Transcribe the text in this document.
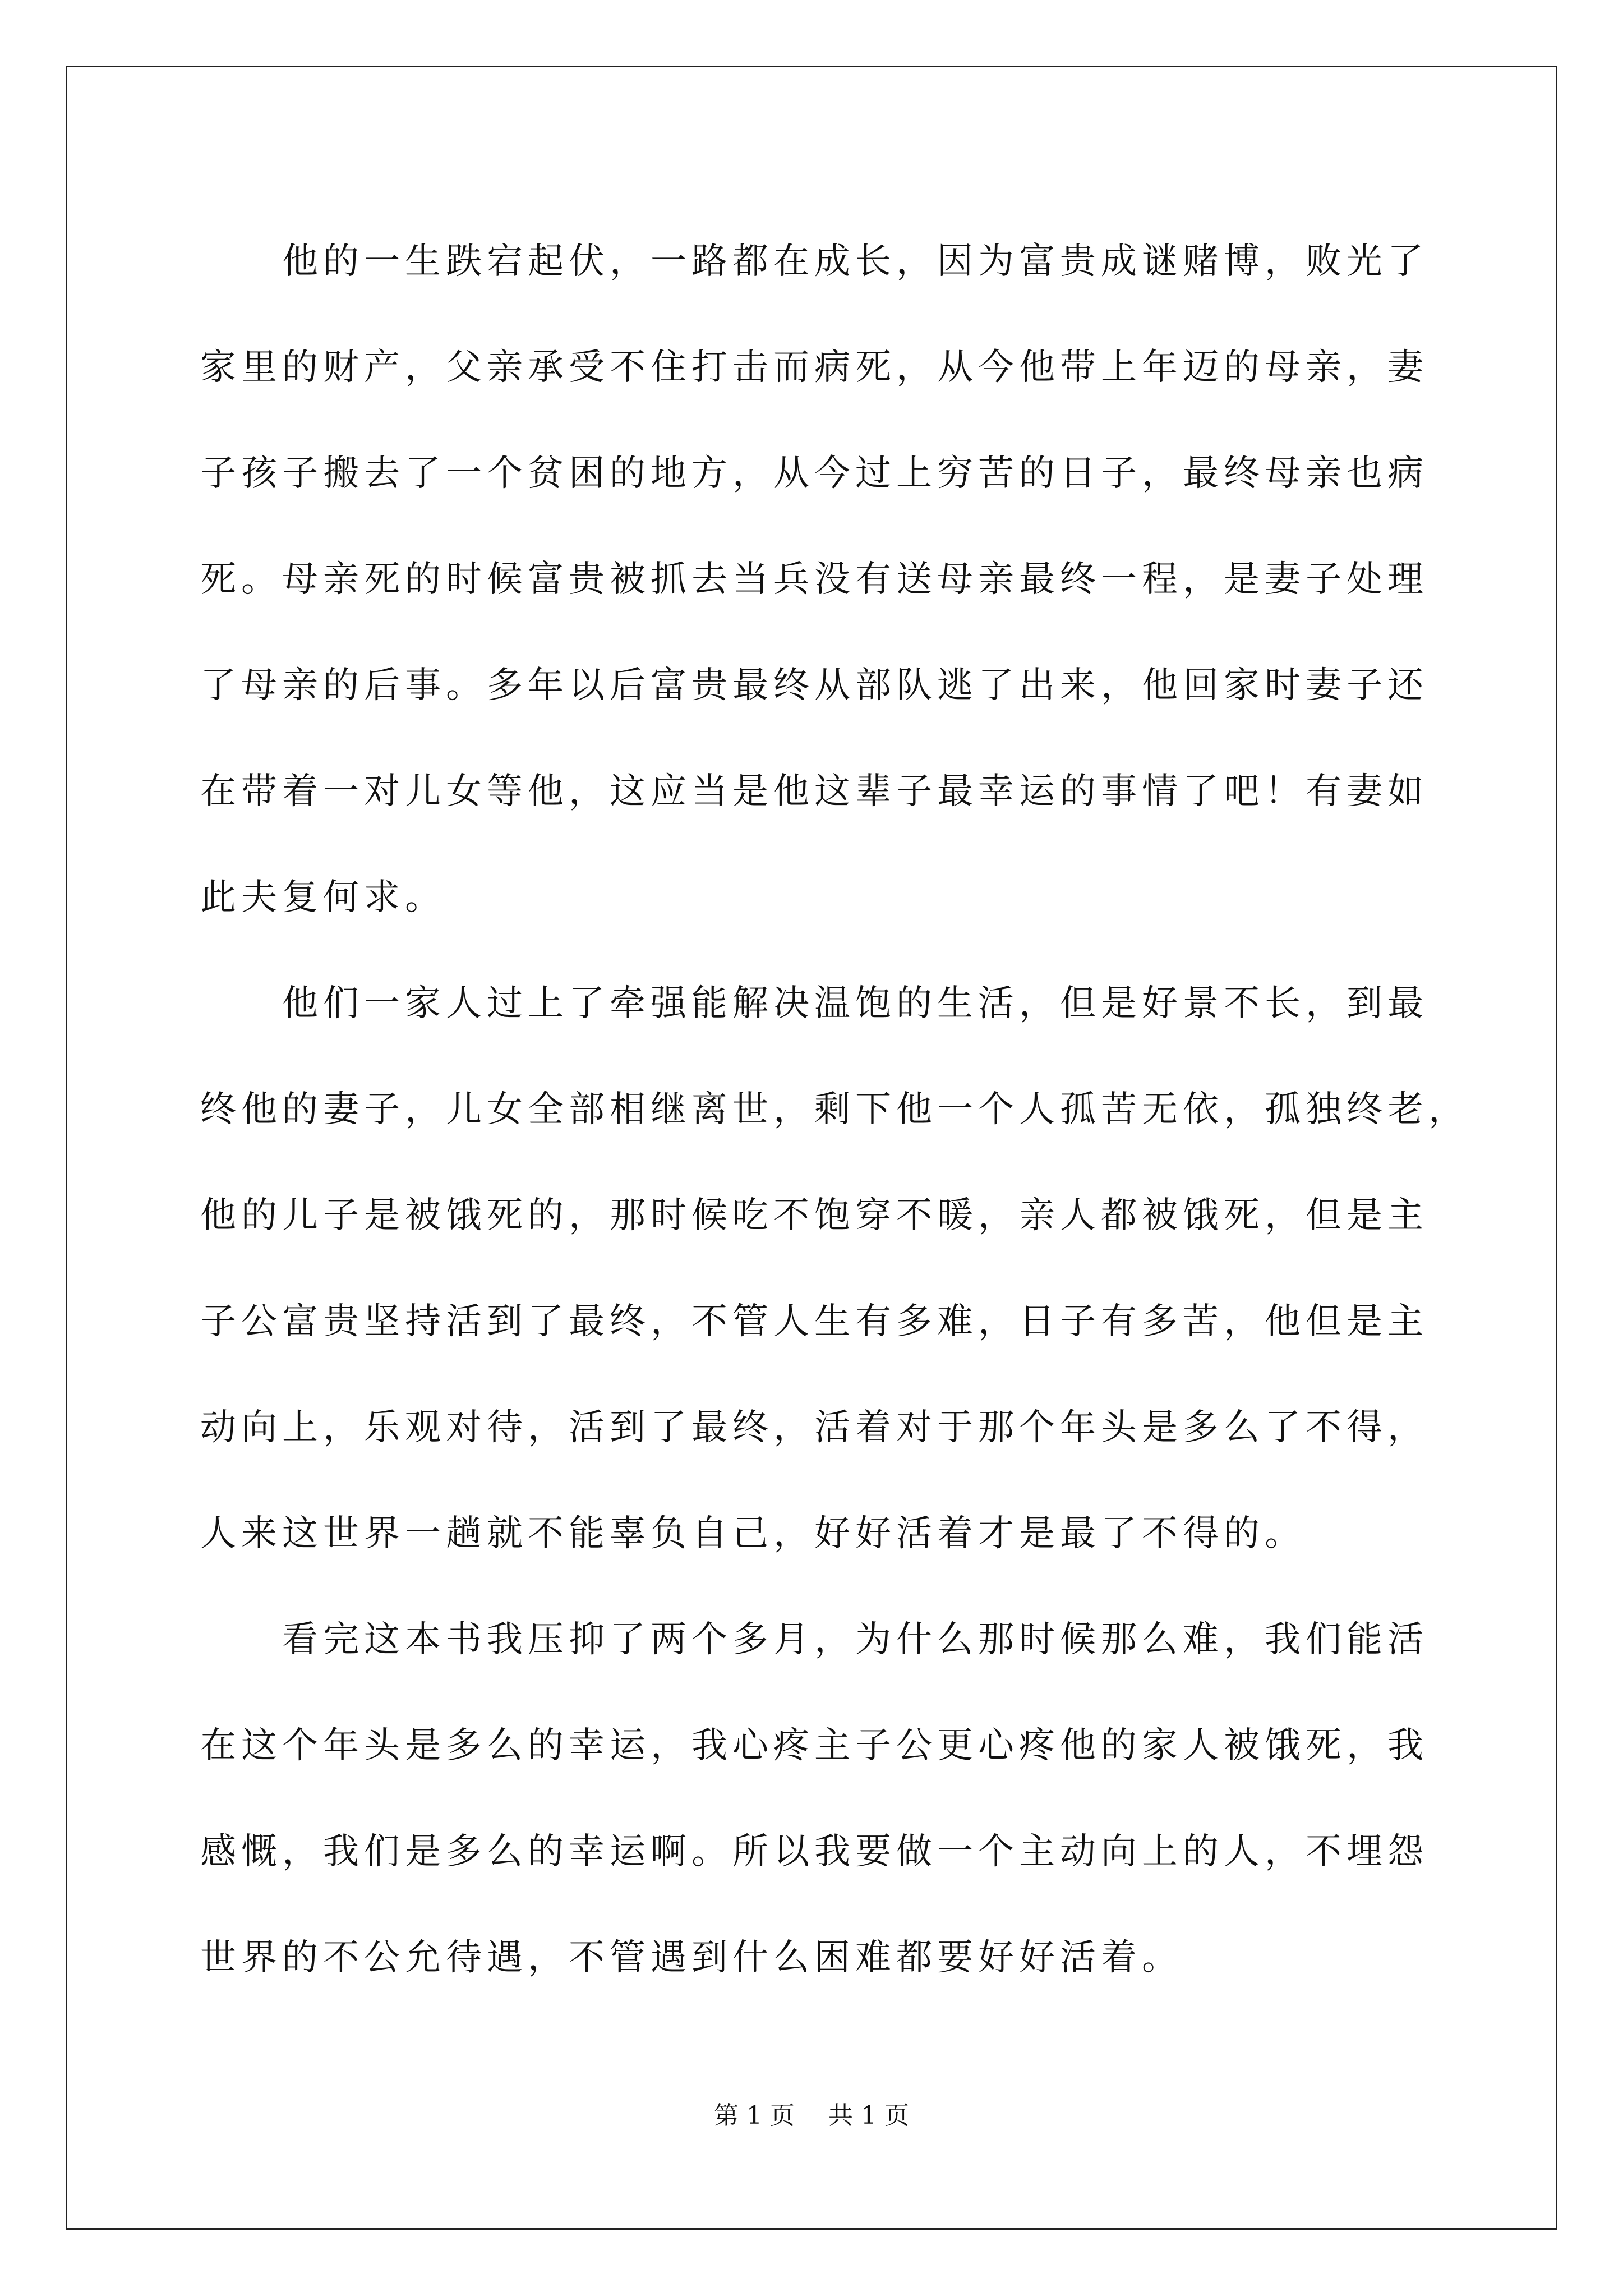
他的一生跌宕起伏，一路都在成长，因为富贵成谜赌博，败光了
家里的财产，父亲承受不住打击而病死，从今他带上年迈的母亲，妻
子孩子搬去了一个贫困的地方，从今过上穷苦的日子，最终母亲也病
死。母亲死的时候富贵被抓去当兵没有送母亲最终一程，是妻子处理
了母亲的后事。多年以后富贵最终从部队逃了出来，他回家时妻子还
在带着一对儿女等他，这应当是他这辈子最幸运的事情了吧！有妻如
此夫复何求。

他们一家人过上了牵强能解决温饱的生活，但是好景不长，到最
终他的妻子，儿女全部相继离世，剩下他一个人孤苦无依，孤独终老，
他的儿子是被饿死的，那时候吃不饱穿不暖，亲人都被饿死，但是主
子公富贵坚持活到了最终，不管人生有多难，日子有多苦，他但是主
动向上，乐观对待，活到了最终，活着对于那个年头是多么了不得，
人来这世界一趟就不能辜负自己，好好活着才是最了不得的。

看完这本书我压抑了两个多月，为什么那时候那么难，我们能活
在这个年头是多么的幸运，我心疼主子公更心疼他的家人被饿死，我
感慨，我们是多么的幸运啊。所以我要做一个主动向上的人，不埋怨
世界的不公允待遇，不管遇到什么困难都要好好活着。

第 1 页 共 1 页
